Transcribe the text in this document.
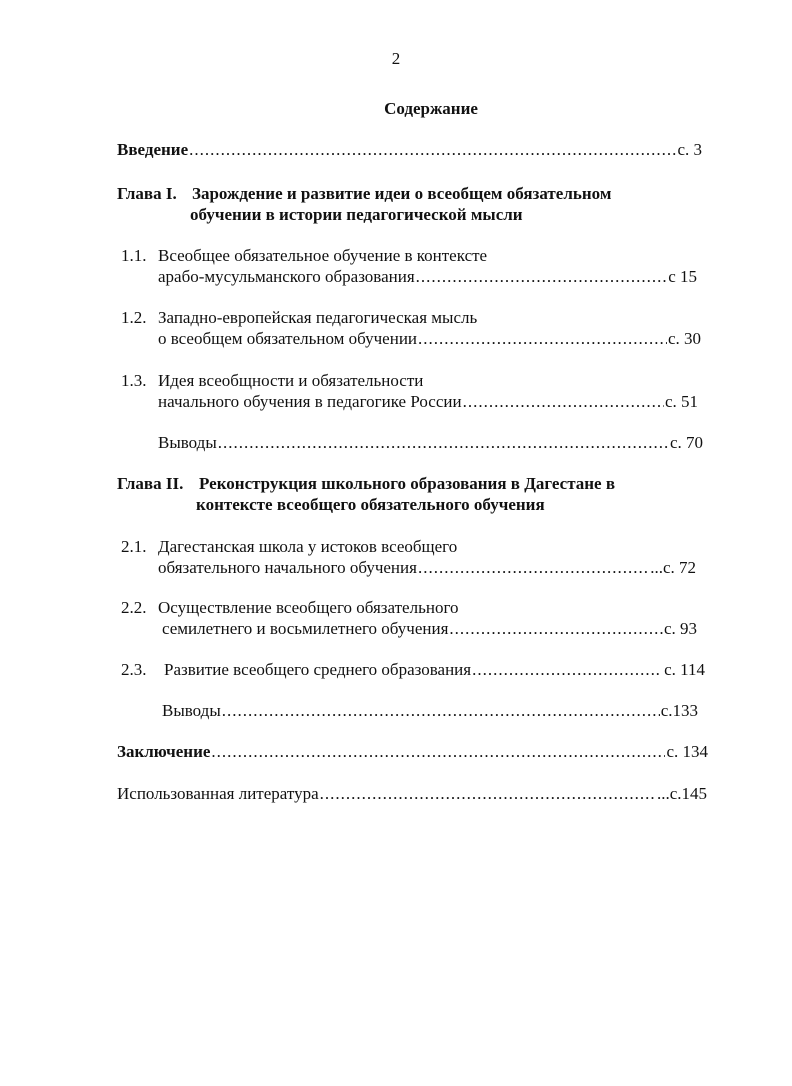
2
Содержание
Введение .....	с. 3
Глава I. Зарождение и развитие идеи о всеобщем обязательном
обучении в истории педагогической мысли
1.1. Всеобщее обязательное обучение в контексте
арабо-мусульманского образования .....	с 15
1.2. Западно-европейская педагогическая мысль
о всеобщем обязательном обучении .....	с. 30
1.3. Идея всеобщности и обязательности
начального обучения в педагогике России .....	с. 51
Выводы .....	с. 70
Глава II. Реконструкция школьного образования в Дагестане в
контексте всеобщего обязательного обучения
2.1. Дагестанская школа у истоков всеобщего
обязательного начального обучения .....	...с. 72
2.2. Осуществление всеобщего обязательного
семилетнего и восьмилетнего обучения .....	с. 93
2.3. Развитие всеобщего среднего образования .....	. с. 114
Выводы .....	с.133
Заключение .....	с. 134
Использованная литература .....	...с.145
